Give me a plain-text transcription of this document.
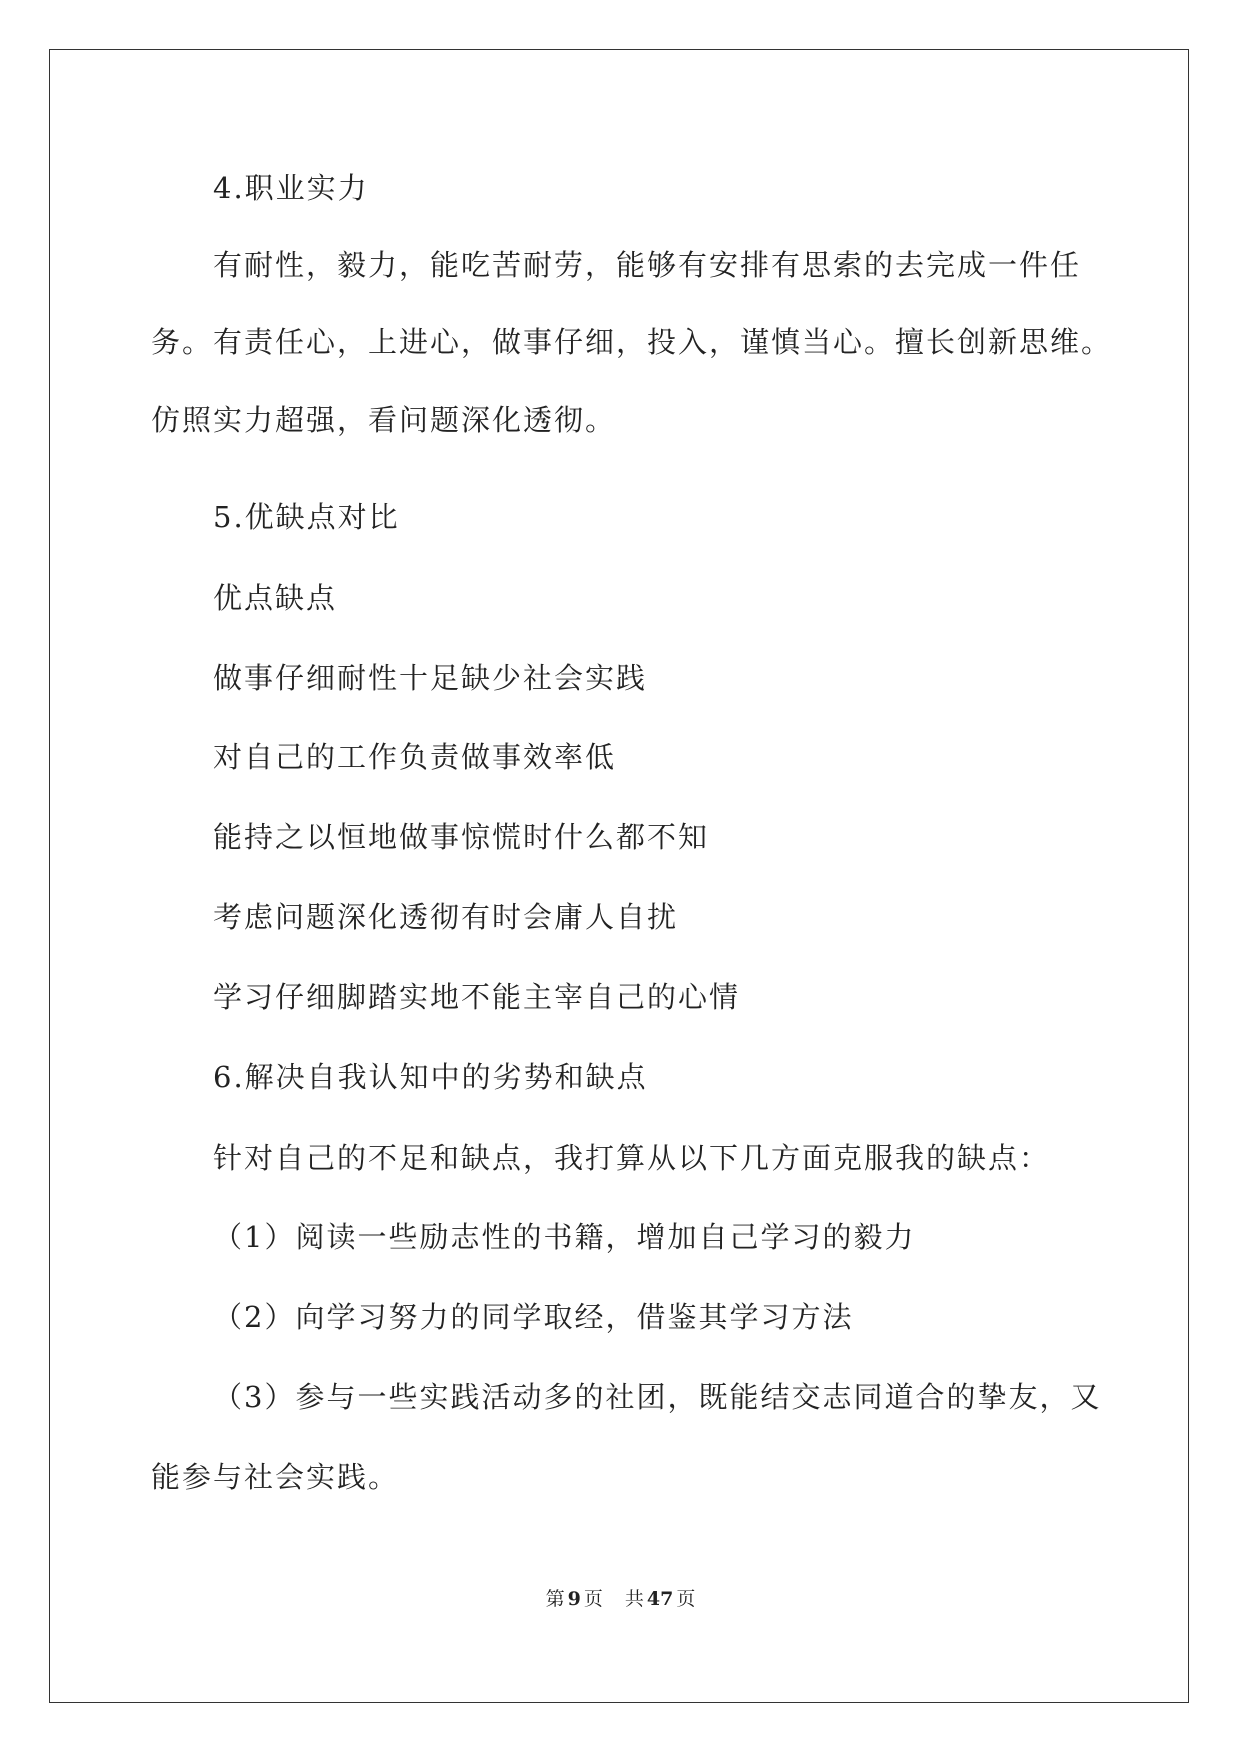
4.职业实力
有耐性，毅力，能吃苦耐劳，能够有安排有思索的去完成一件任
务。有责任心，上进心，做事仔细，投入，谨慎当心。擅长创新思维。
仿照实力超强，看问题深化透彻。
5.优缺点对比
优点缺点
做事仔细耐性十足缺少社会实践
对自己的工作负责做事效率低
能持之以恒地做事惊慌时什么都不知
考虑问题深化透彻有时会庸人自扰
学习仔细脚踏实地不能主宰自己的心情
6.解决自我认知中的劣势和缺点
针对自己的不足和缺点，我打算从以下几方面克服我的缺点：
（1）阅读一些励志性的书籍，增加自己学习的毅力
（2）向学习努力的同学取经，借鉴其学习方法
（3）参与一些实践活动多的社团，既能结交志同道合的挚友，又
能参与社会实践。
第 9 页 共 47 页
